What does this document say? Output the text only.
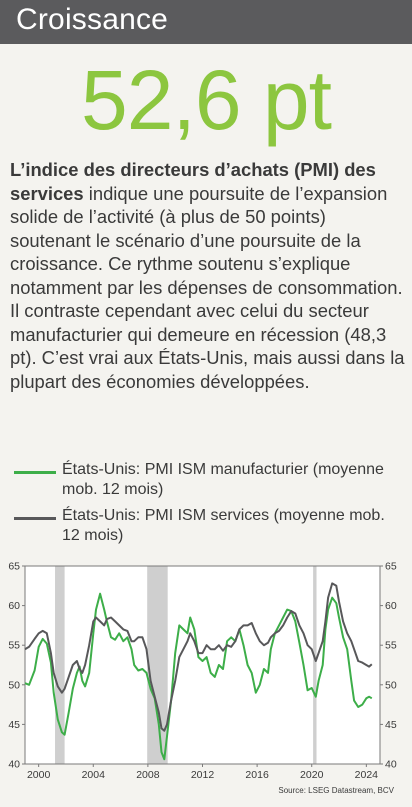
Croissance
52,6 pt
L’indice des directeurs d’achats (PMI) des services indique une poursuite de l’expansion solide de l’activité (à plus de 50 points) soutenant le scénario d’une poursuite de la croissance. Ce rythme soutenu s’explique notamment par les dépenses de consommation. Il contraste cependant avec celui du secteur manufacturier qui demeure en récession (48,3 pt). C’est vrai aux États-Unis, mais aussi dans la plupart des économies développées.
États-Unis: PMI ISM manufacturier (moyenne mob. 12 mois)
États-Unis: PMI ISM services (moyenne mob. 12 mois)
40	40
45	45
50	50
55	55
60	60
65	65
2000	2004	2008	2012	2016	2020	2024
Source: LSEG Datastream, BCV
